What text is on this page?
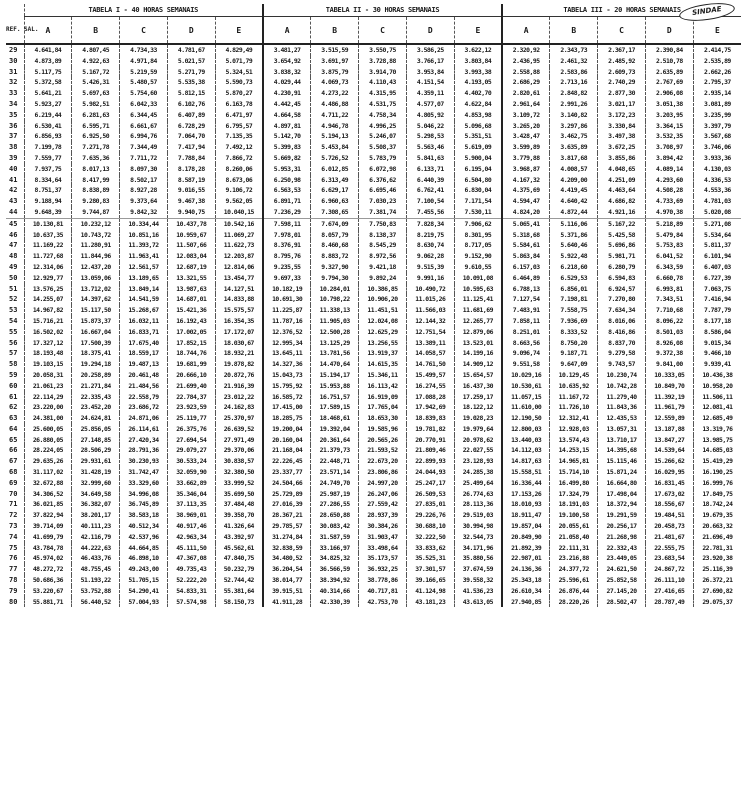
SINDAE
	TABELA I - 40 HORAS SEMANAIS					TABELA II - 30 HORAS SEMANAIS					TABELA III - 20 HORAS SEMANAIS				
REF. SAL.	A	B	C	D	E	A	B	C	D	E	A	B	C	D	E
29	4.641,84	4.807,45	4.734,33	4.781,67	4.829,49	3.481,27	3.515,59	3.550,75	3.586,25	3.622,12	2.320,92	2.343,73	2.367,17	2.390,84	2.414,75
30	4.873,89	4.922,63	4.971,84	5.021,57	5.071,79	3.654,92	3.691,97	3.728,88	3.766,17	3.803,84	2.436,95	2.461,32	2.485,92	2.510,78	2.535,89
31	5.117,75	5.167,72	5.219,59	5.271,79	5.324,51	3.838,32	3.875,79	3.914,70	3.953,84	3.993,38	2.558,88	2.583,86	2.609,73	2.635,89	2.662,26
32	5.372,58	5.426,31	5.480,57	5.535,38	5.590,73	4.029,44	4.069,73	4.110,43	4.151,54	4.193,05	2.686,29	2.713,16	2.740,29	2.767,69	2.795,37
33	5.641,21	5.697,63	5.754,60	5.812,15	5.870,27	4.230,91	4.273,22	4.315,95	4.359,11	4.402,70	2.820,61	2.848,82	2.877,30	2.906,08	2.935,14
34	5.923,27	5.982,51	6.042,33	6.102,76	6.163,78	4.442,45	4.486,88	4.531,75	4.577,07	4.622,84	2.961,64	2.991,26	3.021,17	3.051,38	3.081,89
35	6.219,44	6.281,63	6.344,45	6.407,89	6.471,97	4.664,58	4.711,22	4.758,34	4.805,92	4.853,98	3.109,72	3.140,82	3.172,23	3.203,95	3.235,99
36	6.530,41	6.595,71	6.661,67	6.728,29	6.795,57	4.897,81	4.946,78	4.996,25	5.046,22	5.096,68	3.265,20	3.297,86	3.330,84	3.364,15	3.397,79
37	6.856,93	6.925,50	6.994,76	7.064,70	7.135,35	5.142,70	5.194,13	5.246,07	5.298,53	5.351,51	3.428,47	3.462,75	3.497,38	3.532,35	3.567,68
38	7.199,78	7.271,78	7.344,49	7.417,94	7.492,12	5.399,83	5.453,84	5.508,37	5.563,46	5.619,09	3.599,89	3.635,89	3.672,25	3.708,97	3.746,06
39	7.559,77	7.635,36	7.711,72	7.788,84	7.866,72	5.669,82	5.726,52	5.783,79	5.841,63	5.900,04	3.779,88	3.817,68	3.855,86	3.894,42	3.933,36
40	7.937,75	8.017,13	8.097,30	8.178,28	8.260,06	5.953,31	6.012,85	6.072,98	6.133,71	6.195,04	3.968,87	4.008,57	4.048,65	4.089,14	4.130,03
41	8.334,64	8.417,99	8.502,17	8.587,19	8.673,06	6.250,98	6.313,49	6.376,62	6.440,39	6.504,80	4.167,32	4.209,00	4.251,09	4.293,60	4.336,53
42	8.751,37	8.838,89	8.927,28	9.016,55	9.106,72	6.563,53	6.629,17	6.695,46	6.762,41	6.830,04	4.375,69	4.419,45	4.463,64	4.508,28	4.553,36
43	9.188,94	9.280,83	9.373,64	9.467,38	9.562,05	6.891,71	6.960,63	7.030,23	7.100,54	7.171,54	4.594,47	4.640,42	4.686,82	4.733,69	4.781,03
44	9.648,39	9.744,87	9.842,32	9.940,75	10.040,15	7.236,29	7.308,65	7.381,74	7.455,56	7.530,11	4.824,20	4.872,44	4.921,16	4.970,38	5.020,08
45	10.130,81	10.232,12	10.334,44	10.437,78	10.542,16	7.598,11	7.674,09	7.750,83	7.828,34	7.906,62	5.065,41	5.116,06	5.167,22	5.218,89	5.271,08
46	10.637,35	10.743,72	10.851,16	10.959,67	11.069,27	7.978,01	8.057,79	8.138,37	8.219,75	8.301,95	5.318,68	5.371,86	5.425,58	5.479,84	5.534,64
47	11.169,22	11.280,91	11.393,72	11.507,66	11.622,73	8.376,91	8.460,68	8.545,29	8.630,74	8.717,05	5.584,61	5.640,46	5.696,86	5.753,83	5.811,37
48	11.727,68	11.844,96	11.963,41	12.083,04	12.203,87	8.795,76	8.883,72	8.972,56	9.062,28	9.152,90	5.863,84	5.922,48	5.981,71	6.041,52	6.101,94
49	12.314,06	12.437,20	12.561,57	12.687,19	12.814,06	9.235,55	9.327,90	9.421,18	9.515,39	9.610,55	6.157,03	6.218,60	6.280,79	6.343,59	6.407,03
50	12.929,77	13.059,06	13.189,65	13.321,55	13.454,77	9.697,33	9.794,30	9.892,24	9.991,16	10.091,08	6.464,89	6.529,53	6.594,83	6.660,78	6.727,39
51	13.576,25	13.712,02	13.849,14	13.987,63	14.127,51	10.182,19	10.284,01	10.386,85	10.490,72	10.595,63	6.788,13	6.856,01	6.924,57	6.993,81	7.063,75
52	14.255,07	14.397,62	14.541,59	14.687,01	14.833,88	10.691,30	10.798,22	10.906,20	11.015,26	11.125,41	7.127,54	7.198,81	7.270,80	7.343,51	7.416,94
53	14.967,82	15.117,50	15.268,67	15.421,36	15.575,57	11.225,87	11.338,13	11.451,51	11.566,03	11.681,69	7.483,91	7.558,75	7.634,34	7.710,68	7.787,79
54	15.716,21	15.873,37	16.032,11	16.192,43	16.354,35	11.787,16	11.905,03	12.024,08	12.144,32	12.265,77	7.858,11	7.936,69	8.016,06	8.096,22	8.177,18
55	16.502,02	16.667,04	16.833,71	17.002,05	17.172,07	12.376,52	12.500,28	12.625,29	12.751,54	12.879,06	8.251,01	8.333,52	8.416,86	8.501,03	8.586,04
56	17.327,12	17.500,39	17.675,40	17.852,15	18.030,67	12.995,34	13.125,29	13.256,55	13.389,11	13.523,01	8.663,56	8.750,20	8.837,70	8.926,08	9.015,34
57	18.193,48	18.375,41	18.559,17	18.744,76	18.932,21	13.645,11	13.781,56	13.919,37	14.058,57	14.199,16	9.096,74	9.187,71	9.279,58	9.372,38	9.466,10
58	19.103,15	19.294,18	19.487,13	19.681,99	19.878,82	14.327,36	14.470,64	14.615,35	14.761,50	14.909,12	9.551,58	9.647,09	9.743,57	9.841,00	9.939,41
59	20.058,31	20.258,89	20.461,48	20.666,10	20.872,76	15.043,73	15.194,17	15.346,11	15.499,57	15.654,57	10.029,16	10.129,45	10.230,74	10.333,05	10.436,38
60	21.061,23	21.271,84	21.484,56	21.699,40	21.916,39	15.795,92	15.953,88	16.113,42	16.274,55	16.437,30	10.530,61	10.635,92	10.742,28	10.849,70	10.958,20
61	22.114,29	22.335,43	22.558,79	22.784,37	23.012,22	16.585,72	16.751,57	16.919,09	17.088,28	17.259,17	11.057,15	11.167,72	11.279,40	11.392,19	11.506,11
62	23.220,00	23.452,20	23.686,72	23.923,59	24.162,83	17.415,00	17.589,15	17.765,04	17.942,69	18.122,12	11.610,00	11.726,10	11.843,36	11.961,79	12.081,41
63	24.381,00	24.624,81	24.871,06	25.119,77	25.370,97	18.285,75	18.468,61	18.653,30	18.839,83	19.028,23	12.190,50	12.312,41	12.435,53	12.559,89	12.685,49
64	25.600,05	25.856,05	26.114,61	26.375,76	26.639,52	19.200,04	19.392,04	19.585,96	19.781,82	19.979,64	12.800,03	12.928,03	13.057,31	13.187,88	13.319,76
65	26.880,05	27.148,85	27.420,34	27.694,54	27.971,49	20.160,04	20.361,64	20.565,26	20.770,91	20.978,62	13.440,03	13.574,43	13.710,17	13.847,27	13.985,75
66	28.224,05	28.506,29	28.791,36	29.079,27	29.370,06	21.168,04	21.379,73	21.593,52	21.809,46	22.027,55	14.112,03	14.253,15	14.395,68	14.539,64	14.685,03
67	29.635,26	29.931,61	30.230,93	30.533,24	30.838,57	22.226,45	22.448,71	22.673,20	22.899,93	23.128,93	14.817,63	14.965,81	15.115,46	15.266,62	15.419,29
68	31.117,02	31.428,19	31.742,47	32.059,90	32.380,50	23.337,77	23.571,14	23.806,86	24.044,93	24.285,38	15.558,51	15.714,10	15.871,24	16.029,95	16.190,25
69	32.672,88	32.999,60	33.329,60	33.662,89	33.999,52	24.504,66	24.749,70	24.997,20	25.247,17	25.499,64	16.336,44	16.499,80	16.664,80	16.831,45	16.999,76
70	34.306,52	34.649,58	34.996,08	35.346,04	35.699,50	25.729,89	25.987,19	26.247,06	26.509,53	26.774,63	17.153,26	17.324,79	17.498,04	17.673,02	17.849,75
71	36.021,85	36.382,07	36.745,89	37.113,35	37.484,48	27.016,39	27.286,55	27.559,42	27.835,01	28.113,36	18.010,93	18.191,03	18.372,94	18.556,67	18.742,24
72	37.822,94	38.201,17	38.583,18	38.969,01	39.358,70	28.367,21	28.650,88	28.937,39	29.226,76	29.519,03	18.911,47	19.100,58	19.291,59	19.484,51	19.679,35
73	39.714,09	40.111,23	40.512,34	40.917,46	41.326,64	29.785,57	30.083,42	30.384,26	30.688,10	30.994,98	19.857,04	20.055,61	20.256,17	20.458,73	20.663,32
74	41.699,79	42.116,79	42.537,96	42.963,34	43.392,97	31.274,84	31.587,59	31.903,47	32.222,50	32.544,73	20.849,90	21.058,40	21.268,98	21.481,67	21.696,49
75	43.784,78	44.222,63	44.664,85	45.111,50	45.562,61	32.838,59	33.166,97	33.498,64	33.833,62	34.171,96	21.892,39	22.111,31	22.332,43	22.555,75	22.781,31
76	45.974,02	46.433,76	46.898,10	47.367,08	47.840,75	34.480,52	34.825,32	35.173,57	35.525,31	35.880,56	22.987,01	23.216,88	23.449,05	23.683,54	23.920,38
77	48.272,72	48.755,45	49.243,00	49.735,43	50.232,79	36.204,54	36.566,59	36.932,25	37.301,57	37.674,59	24.136,36	24.377,72	24.621,50	24.867,72	25.116,39
78	50.686,36	51.193,22	51.705,15	52.222,20	52.744,42	38.014,77	38.394,92	38.778,86	39.166,65	39.558,32	25.343,18	25.596,61	25.852,58	26.111,10	26.372,21
79	53.220,67	53.752,88	54.290,41	54.833,31	55.381,64	39.915,51	40.314,66	40.717,81	41.124,98	41.536,23	26.610,34	26.876,44	27.145,20	27.416,65	27.690,82
80	55.881,71	56.440,52	57.004,93	57.574,98	58.150,73	41.911,28	42.330,39	42.753,70	43.181,23	43.613,05	27.940,85	28.220,26	28.502,47	28.787,49	29.075,37
